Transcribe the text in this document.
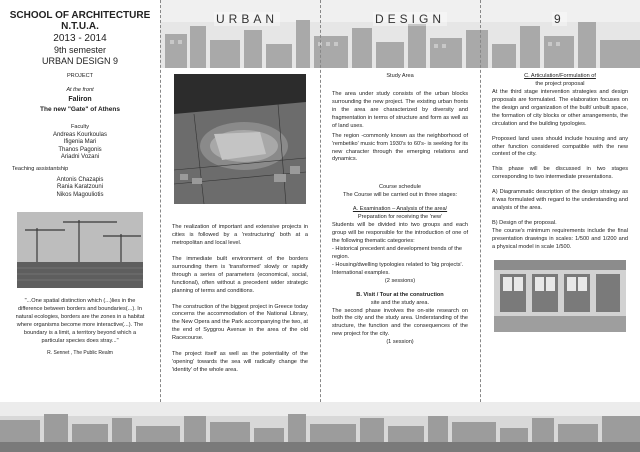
SCHOOL OF ARCHITECTURE N.T.U.A.
2013 - 2014
9th semester
URBAN DESIGN 9
URBAN	DESIGN	9

PROJECT

At the front

Faliron

The new "Gate" of Athens

Faculty

Andreas Kourkoulas

Ifigenia Mari

Thanos Pagonis

Ariadni Vozani

Teaching assistantship

Antonis Chazapis

Rania Karatzouni

Nikos Magouliotis

"...One spatial distinction which (...)lies in the difference between borders and boundaries(...). In natural ecologies, borders are the zones in a habitat where organisms become more interactive(...). The boundary is a limit, a territory beyond which a particular species does stray..."

R. Sennet , The Public Realm

The realization of important and extensive projects in cities is followed by a 'restructuring' both at a metropolitan and local level.

The immediate built environment of the borders surrounding them is 'transformed' slowly or rapidly through a series of parameters (economical, social, functional), often without a precedent wider strategic planning of terms and conditions.

The construction of the biggest project in Greece today concerns the accommodation of the National Library, the New Opera and the Park accompanying the two, at the end of Syggrou Avenue in the area of the old Racecourse.

The project itself as well as the potentiality of the 'opening' towards the sea will radically change the 'identity' of the whole area.

Study Area

The area under study consists of the urban blocks surrounding the new project. The existing urban fronts in the area are characterized by diversity and fragmentation in terms of structure and form as well as of land uses.

The region -commonly known as the neighborhood of 'rembetiko' music from 1930's to 60's- is seeking for its new character through the emerging relations and dynamics.

Course schedule

The Course will be carried out in three stages:

A. Examination – Analysis of the area/

Preparation for receiving the 'new'

Students will be divided into two groups and each group will be responsible for the introduction of one of the following thematic categories:

- Historical precedent and development trends of the region.

- Housing/dwelling typologies related to 'big projects'. International examples.

(2 sessions)

B. Visit / Tour at the construction

site and the study area.

The second phase involves the on-site research on both the city and the study area. Understanding of the structure, the function and the consequences of the new project for the city.

(1 session)

C. Articulation/Formulation of

the project proposal

At the third stage intervention strategies and design proposals are formulated. The elaboration focuses on the design and organization of the built/ unbuilt space, the formation of city blocks or other arrangements, the circulation and the building typologies.

Proposed land uses should include housing and any other function considered compatible with the new context of the city.

This phase will be discussed in two stages corresponding to two intermediate presentations.

A) Diagrammatic description of the design strategy as it was formulated with regard to the understanding and analysis of the area.

B) Design of the proposal.

The course's minimum requirements include the final presentation drawings in scales: 1/500 and 1/200 and a physical model in scale 1/500.
